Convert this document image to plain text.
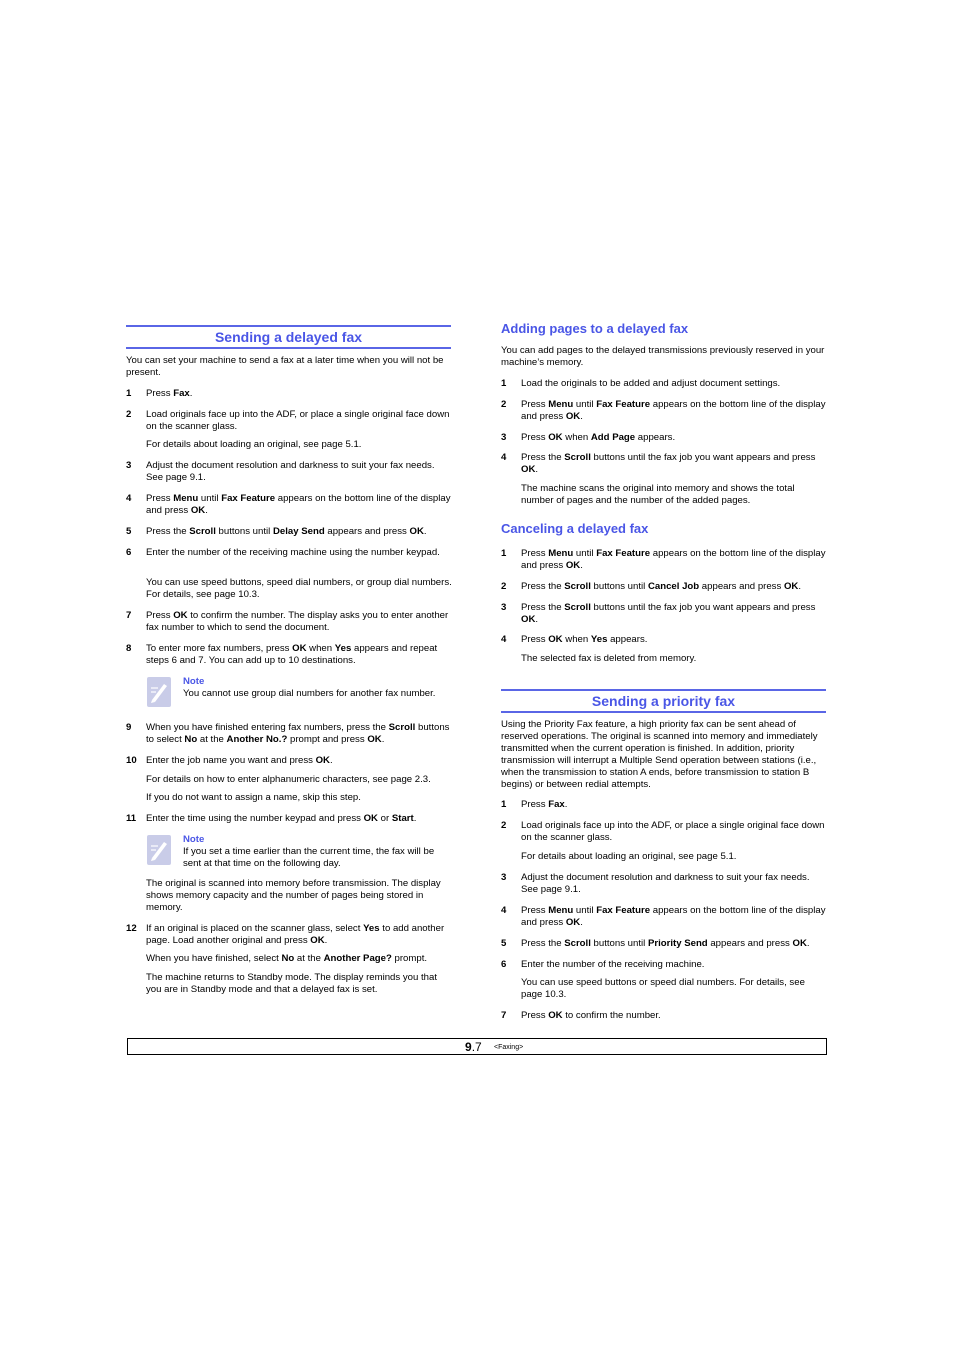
Sending a delayed fax
You can set your machine to send a fax at a later time when you will not be present.
1 Press Fax.
2 Load originals face up into the ADF, or place a single original face down on the scanner glass.
For details about loading an original, see page 5.1.
3 Adjust the document resolution and darkness to suit your fax needs. See page 9.1.
4 Press Menu until Fax Feature appears on the bottom line of the display and press OK.
5 Press the Scroll buttons until Delay Send appears and press OK.
6 Enter the number of the receiving machine using the number keypad.
You can use speed buttons, speed dial numbers, or group dial numbers. For details, see page 10.3.
7 Press OK to confirm the number. The display asks you to enter another fax number to which to send the document.
8 To enter more fax numbers, press OK when Yes appears and repeat steps 6 and 7. You can add up to 10 destinations.
Note
You cannot use group dial numbers for another fax number.
9 When you have finished entering fax numbers, press the Scroll buttons to select No at the Another No.? prompt and press OK.
10 Enter the job name you want and press OK.
For details on how to enter alphanumeric characters, see page 2.3.
If you do not want to assign a name, skip this step.
11 Enter the time using the number keypad and press OK or Start.
Note
If you set a time earlier than the current time, the fax will be sent at that time on the following day.
The original is scanned into memory before transmission. The display shows memory capacity and the number of pages being stored in memory.
12 If an original is placed on the scanner glass, select Yes to add another page. Load another original and press OK.
When you have finished, select No at the Another Page? prompt.
The machine returns to Standby mode. The display reminds you that you are in Standby mode and that a delayed fax is set.
Adding pages to a delayed fax
You can add pages to the delayed transmissions previously reserved in your machine’s memory.
1 Load the originals to be added and adjust document settings.
2 Press Menu until Fax Feature appears on the bottom line of the display and press OK.
3 Press OK when Add Page appears.
4 Press the Scroll buttons until the fax job you want appears and press OK.
The machine scans the original into memory and shows the total number of pages and the number of the added pages.
Canceling a delayed fax
1 Press Menu until Fax Feature appears on the bottom line of the display and press OK.
2 Press the Scroll buttons until Cancel Job appears and press OK.
3 Press the Scroll buttons until the fax job you want appears and press OK.
4 Press OK when Yes appears.
The selected fax is deleted from memory.
Sending a priority fax
Using the Priority Fax feature, a high priority fax can be sent ahead of reserved operations. The original is scanned into memory and immediately transmitted when the current operation is finished. In addition, priority transmission will interrupt a Multiple Send operation between stations (i.e., when the transmission to station A ends, before transmission to station B begins) or between redial attempts.
1 Press Fax.
2 Load originals face up into the ADF, or place a single original face down on the scanner glass.
For details about loading an original, see page 5.1.
3 Adjust the document resolution and darkness to suit your fax needs. See page 9.1.
4 Press Menu until Fax Feature appears on the bottom line of the display and press OK.
5 Press the Scroll buttons until Priority Send appears and press OK.
6 Enter the number of the receiving machine.
You can use speed buttons or speed dial numbers. For details, see page 10.3.
7 Press OK to confirm the number.
9.7 <Faxing>
